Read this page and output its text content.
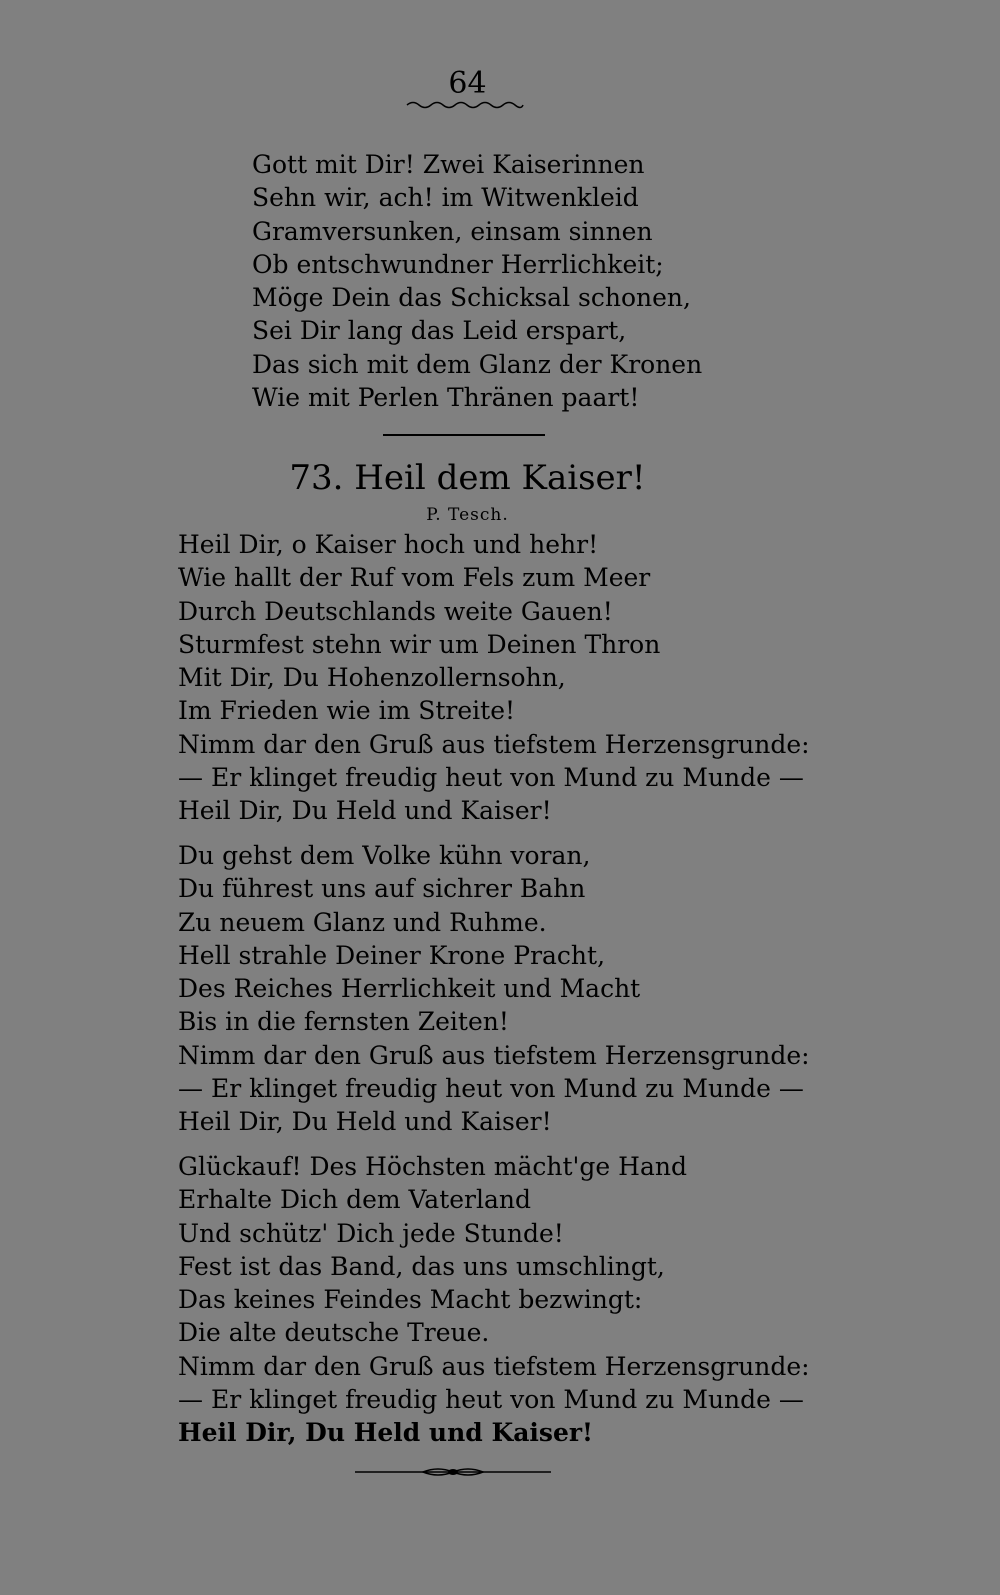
64
Gott mit Dir! Zwei Kaiserinnen
Sehn wir, ach! im Witwenkleid
Gramversunken, einsam sinnen
Ob entschwundner Herrlichkeit;
Möge Dein das Schicksal schonen,
Sei Dir lang das Leid erspart,
Das sich mit dem Glanz der Kronen
Wie mit Perlen Thränen paart!
73. Heil dem Kaiser!
P. Tesch.
Heil Dir, o Kaiser hoch und hehr!
Wie hallt der Ruf vom Fels zum Meer
Durch Deutschlands weite Gauen!
Sturmfest stehn wir um Deinen Thron
Mit Dir, Du Hohenzollernsohn,
Im Frieden wie im Streite!
Nimm dar den Gruß aus tiefstem Herzensgrunde:
— Er klinget freudig heut von Mund zu Munde —
Heil Dir, Du Held und Kaiser!
Du gehst dem Volke kühn voran,
Du führest uns auf sichrer Bahn
Zu neuem Glanz und Ruhme.
Hell strahle Deiner Krone Pracht,
Des Reiches Herrlichkeit und Macht
Bis in die fernsten Zeiten!
Nimm dar den Gruß aus tiefstem Herzensgrunde:
— Er klinget freudig heut von Mund zu Munde —
Heil Dir, Du Held und Kaiser!
Glückauf! Des Höchsten mächt'ge Hand
Erhalte Dich dem Vaterland
Und schütz' Dich jede Stunde!
Fest ist das Band, das uns umschlingt,
Das keines Feindes Macht bezwingt:
Die alte deutsche Treue.
Nimm dar den Gruß aus tiefstem Herzensgrunde:
— Er klinget freudig heut von Mund zu Munde —
Heil Dir, Du Held und Kaiser!
